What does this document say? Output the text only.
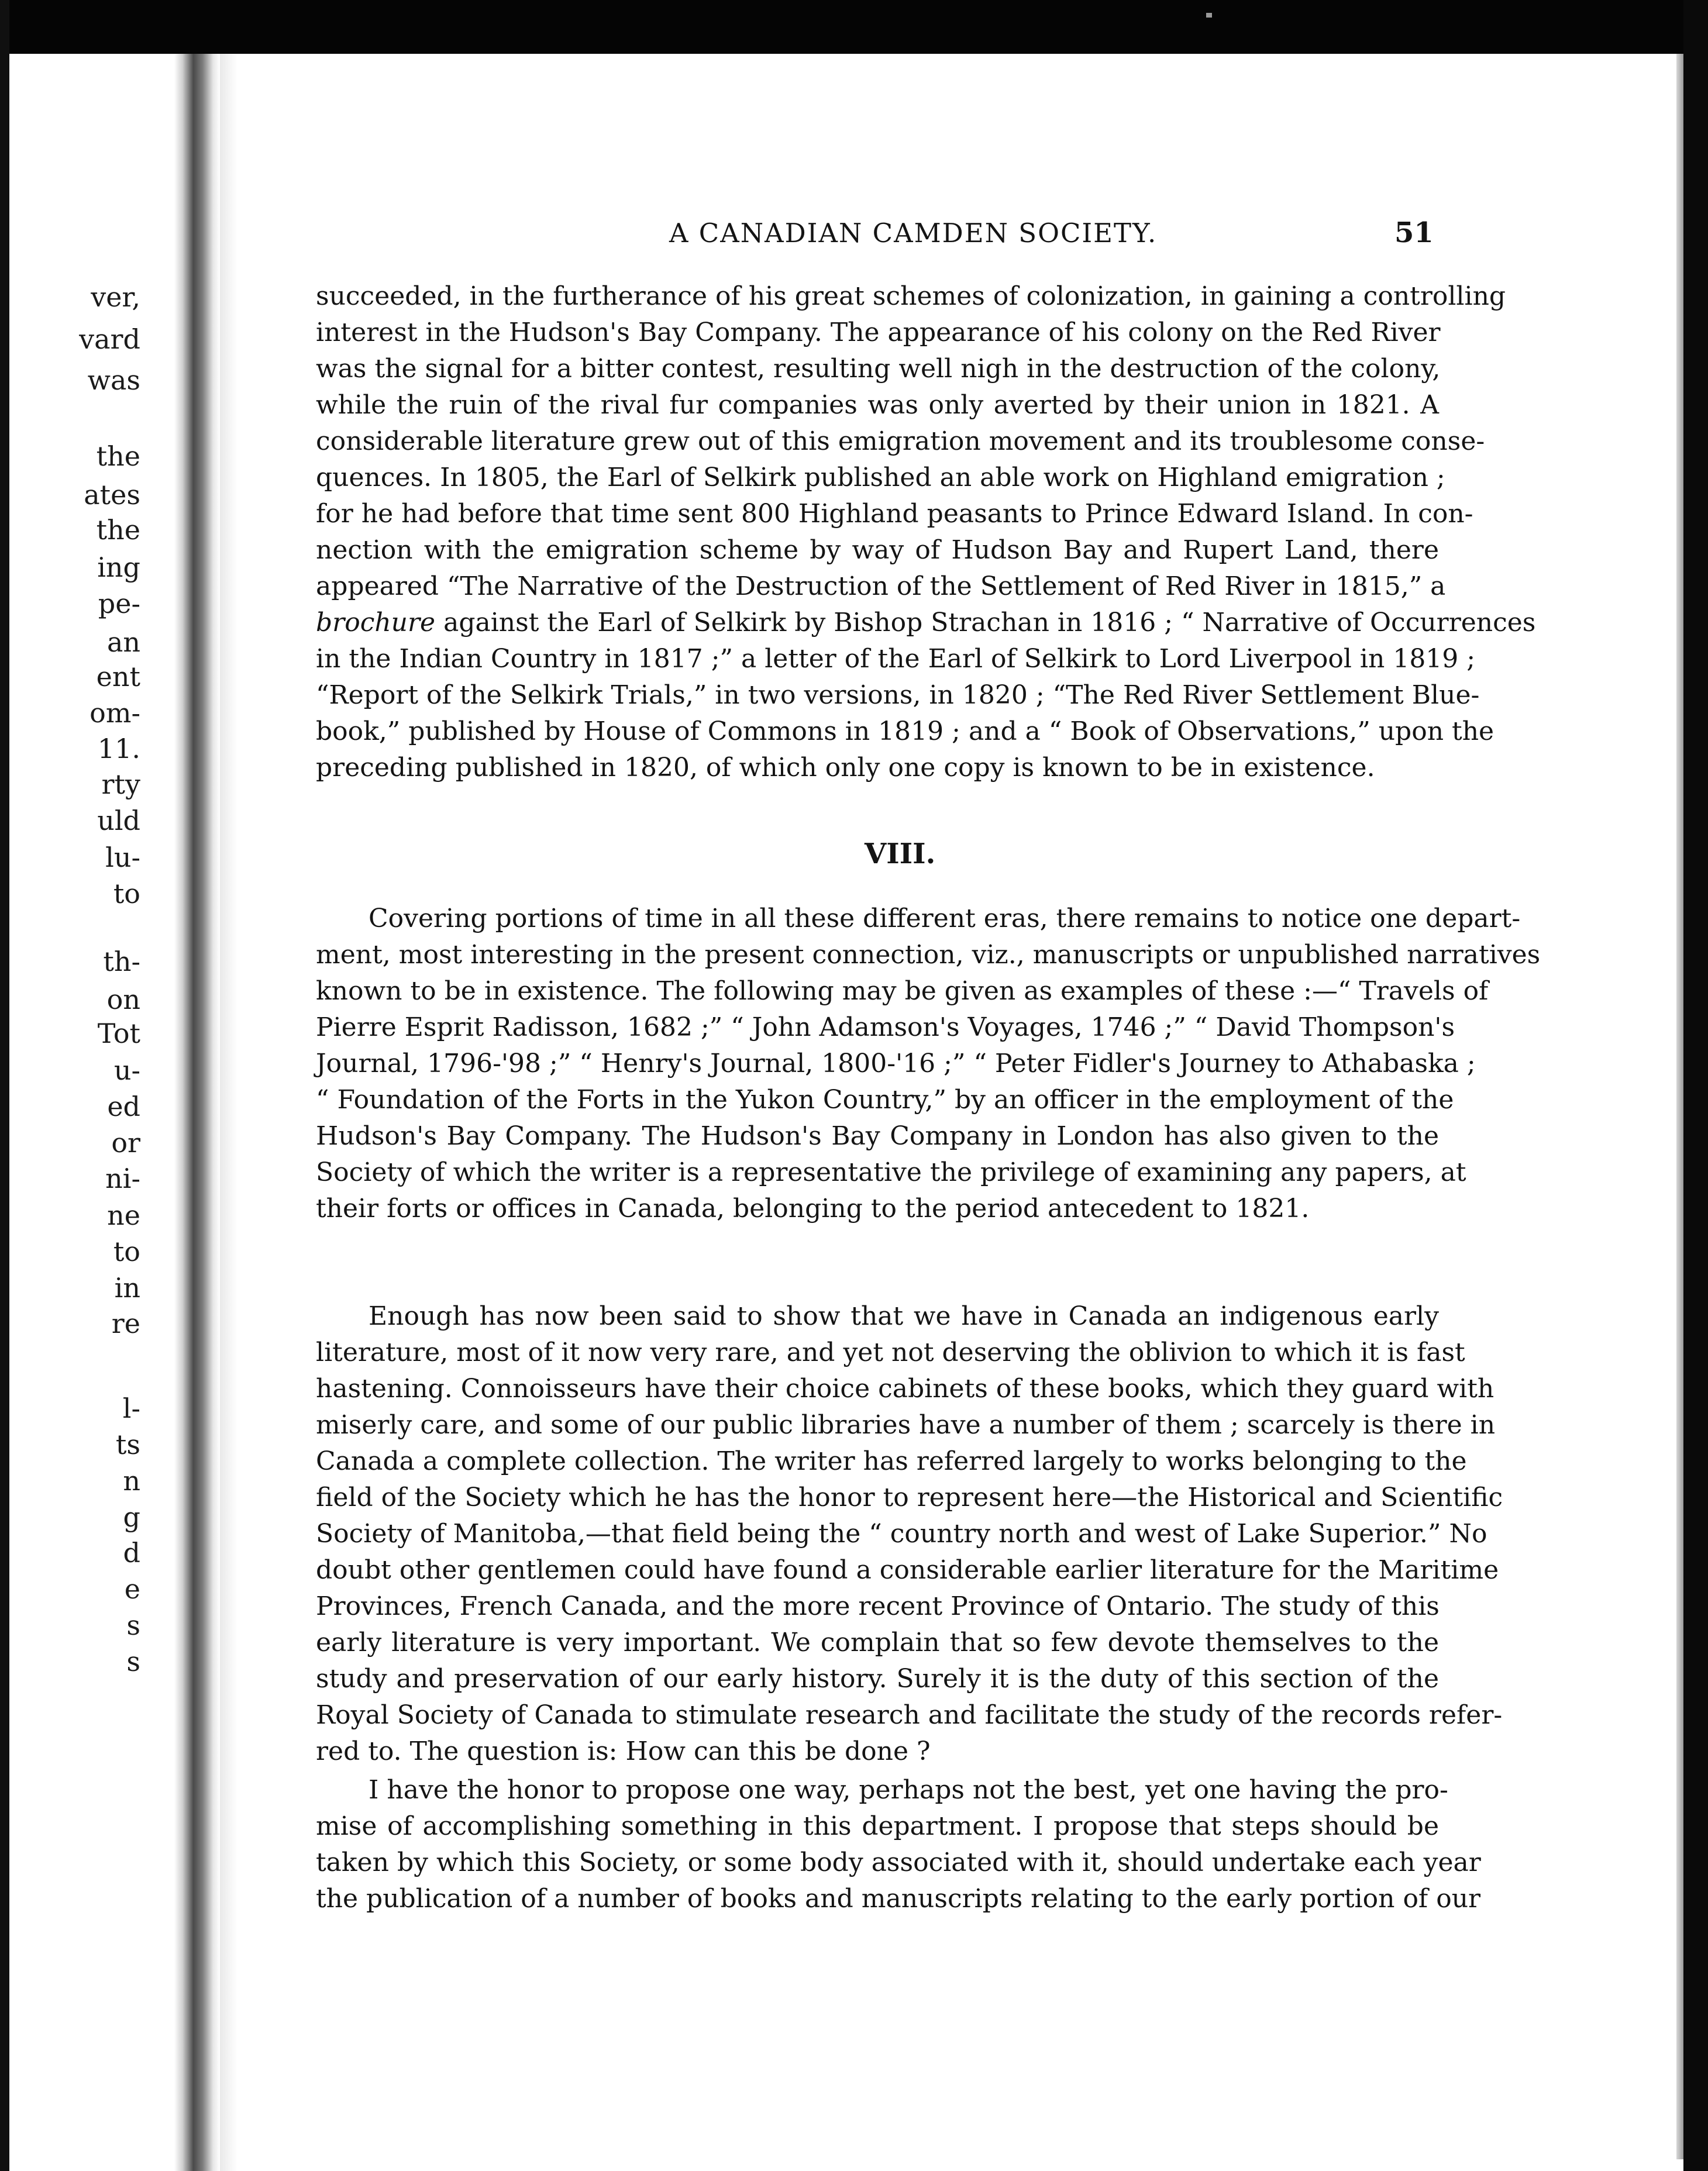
ver,
vard
was
the
ates
the
ing
pe-
an
ent
om-
11.
rty
uld
lu-
to
th-
on
Tot
u-
ed
or
ni-
ne
to
in
re
l-
ts
n
g
d
e
s
s
A CANADIAN CAMDEN SOCIETY.	51
succeeded, in the furtherance of his great schemes of colonization, in gaining a controlling
interest in the Hudson's Bay Company. The appearance of his colony on the Red River
was the signal for a bitter contest, resulting well nigh in the destruction of the colony,
while the ruin of the rival fur companies was only averted by their union in 1821. A
considerable literature grew out of this emigration movement and its troublesome conse-
quences. In 1805, the Earl of Selkirk published an able work on Highland emigration ;
for he had before that time sent 800 Highland peasants to Prince Edward Island. In con-
nection with the emigration scheme by way of Hudson Bay and Rupert Land, there
appeared “The Narrative of the Destruction of the Settlement of Red River in 1815,” a
brochure against the Earl of Selkirk by Bishop Strachan in 1816 ; “ Narrative of Occurrences
in the Indian Country in 1817 ;” a letter of the Earl of Selkirk to Lord Liverpool in 1819 ;
“Report of the Selkirk Trials,” in two versions, in 1820 ; “The Red River Settlement Blue-
book,” published by House of Commons in 1819 ; and a “ Book of Observations,” upon the
preceding published in 1820, of which only one copy is known to be in existence.
VIII.
Covering portions of time in all these different eras, there remains to notice one depart-
ment, most interesting in the present connection, viz., manuscripts or unpublished narratives
known to be in existence. The following may be given as examples of these :—“ Travels of
Pierre Esprit Radisson, 1682 ;” “ John Adamson's Voyages, 1746 ;” “ David Thompson's
Journal, 1796-'98 ;” “ Henry's Journal, 1800-'16 ;” “ Peter Fidler's Journey to Athabaska ;
“ Foundation of the Forts in the Yukon Country,” by an officer in the employment of the
Hudson's Bay Company. The Hudson's Bay Company in London has also given to the
Society of which the writer is a representative the privilege of examining any papers, at
their forts or offices in Canada, belonging to the period antecedent to 1821.
Enough has now been said to show that we have in Canada an indigenous early
literature, most of it now very rare, and yet not deserving the oblivion to which it is fast
hastening. Connoisseurs have their choice cabinets of these books, which they guard with
miserly care, and some of our public libraries have a number of them ; scarcely is there in
Canada a complete collection. The writer has referred largely to works belonging to the
field of the Society which he has the honor to represent here—the Historical and Scientific
Society of Manitoba,—that field being the “ country north and west of Lake Superior.” No
doubt other gentlemen could have found a considerable earlier literature for the Maritime
Provinces, French Canada, and the more recent Province of Ontario. The study of this
early literature is very important. We complain that so few devote themselves to the
study and preservation of our early history. Surely it is the duty of this section of the
Royal Society of Canada to stimulate research and facilitate the study of the records refer-
red to. The question is: How can this be done ?
I have the honor to propose one way, perhaps not the best, yet one having the pro-
mise of accomplishing something in this department. I propose that steps should be
taken by which this Society, or some body associated with it, should undertake each year
the publication of a number of books and manuscripts relating to the early portion of our
